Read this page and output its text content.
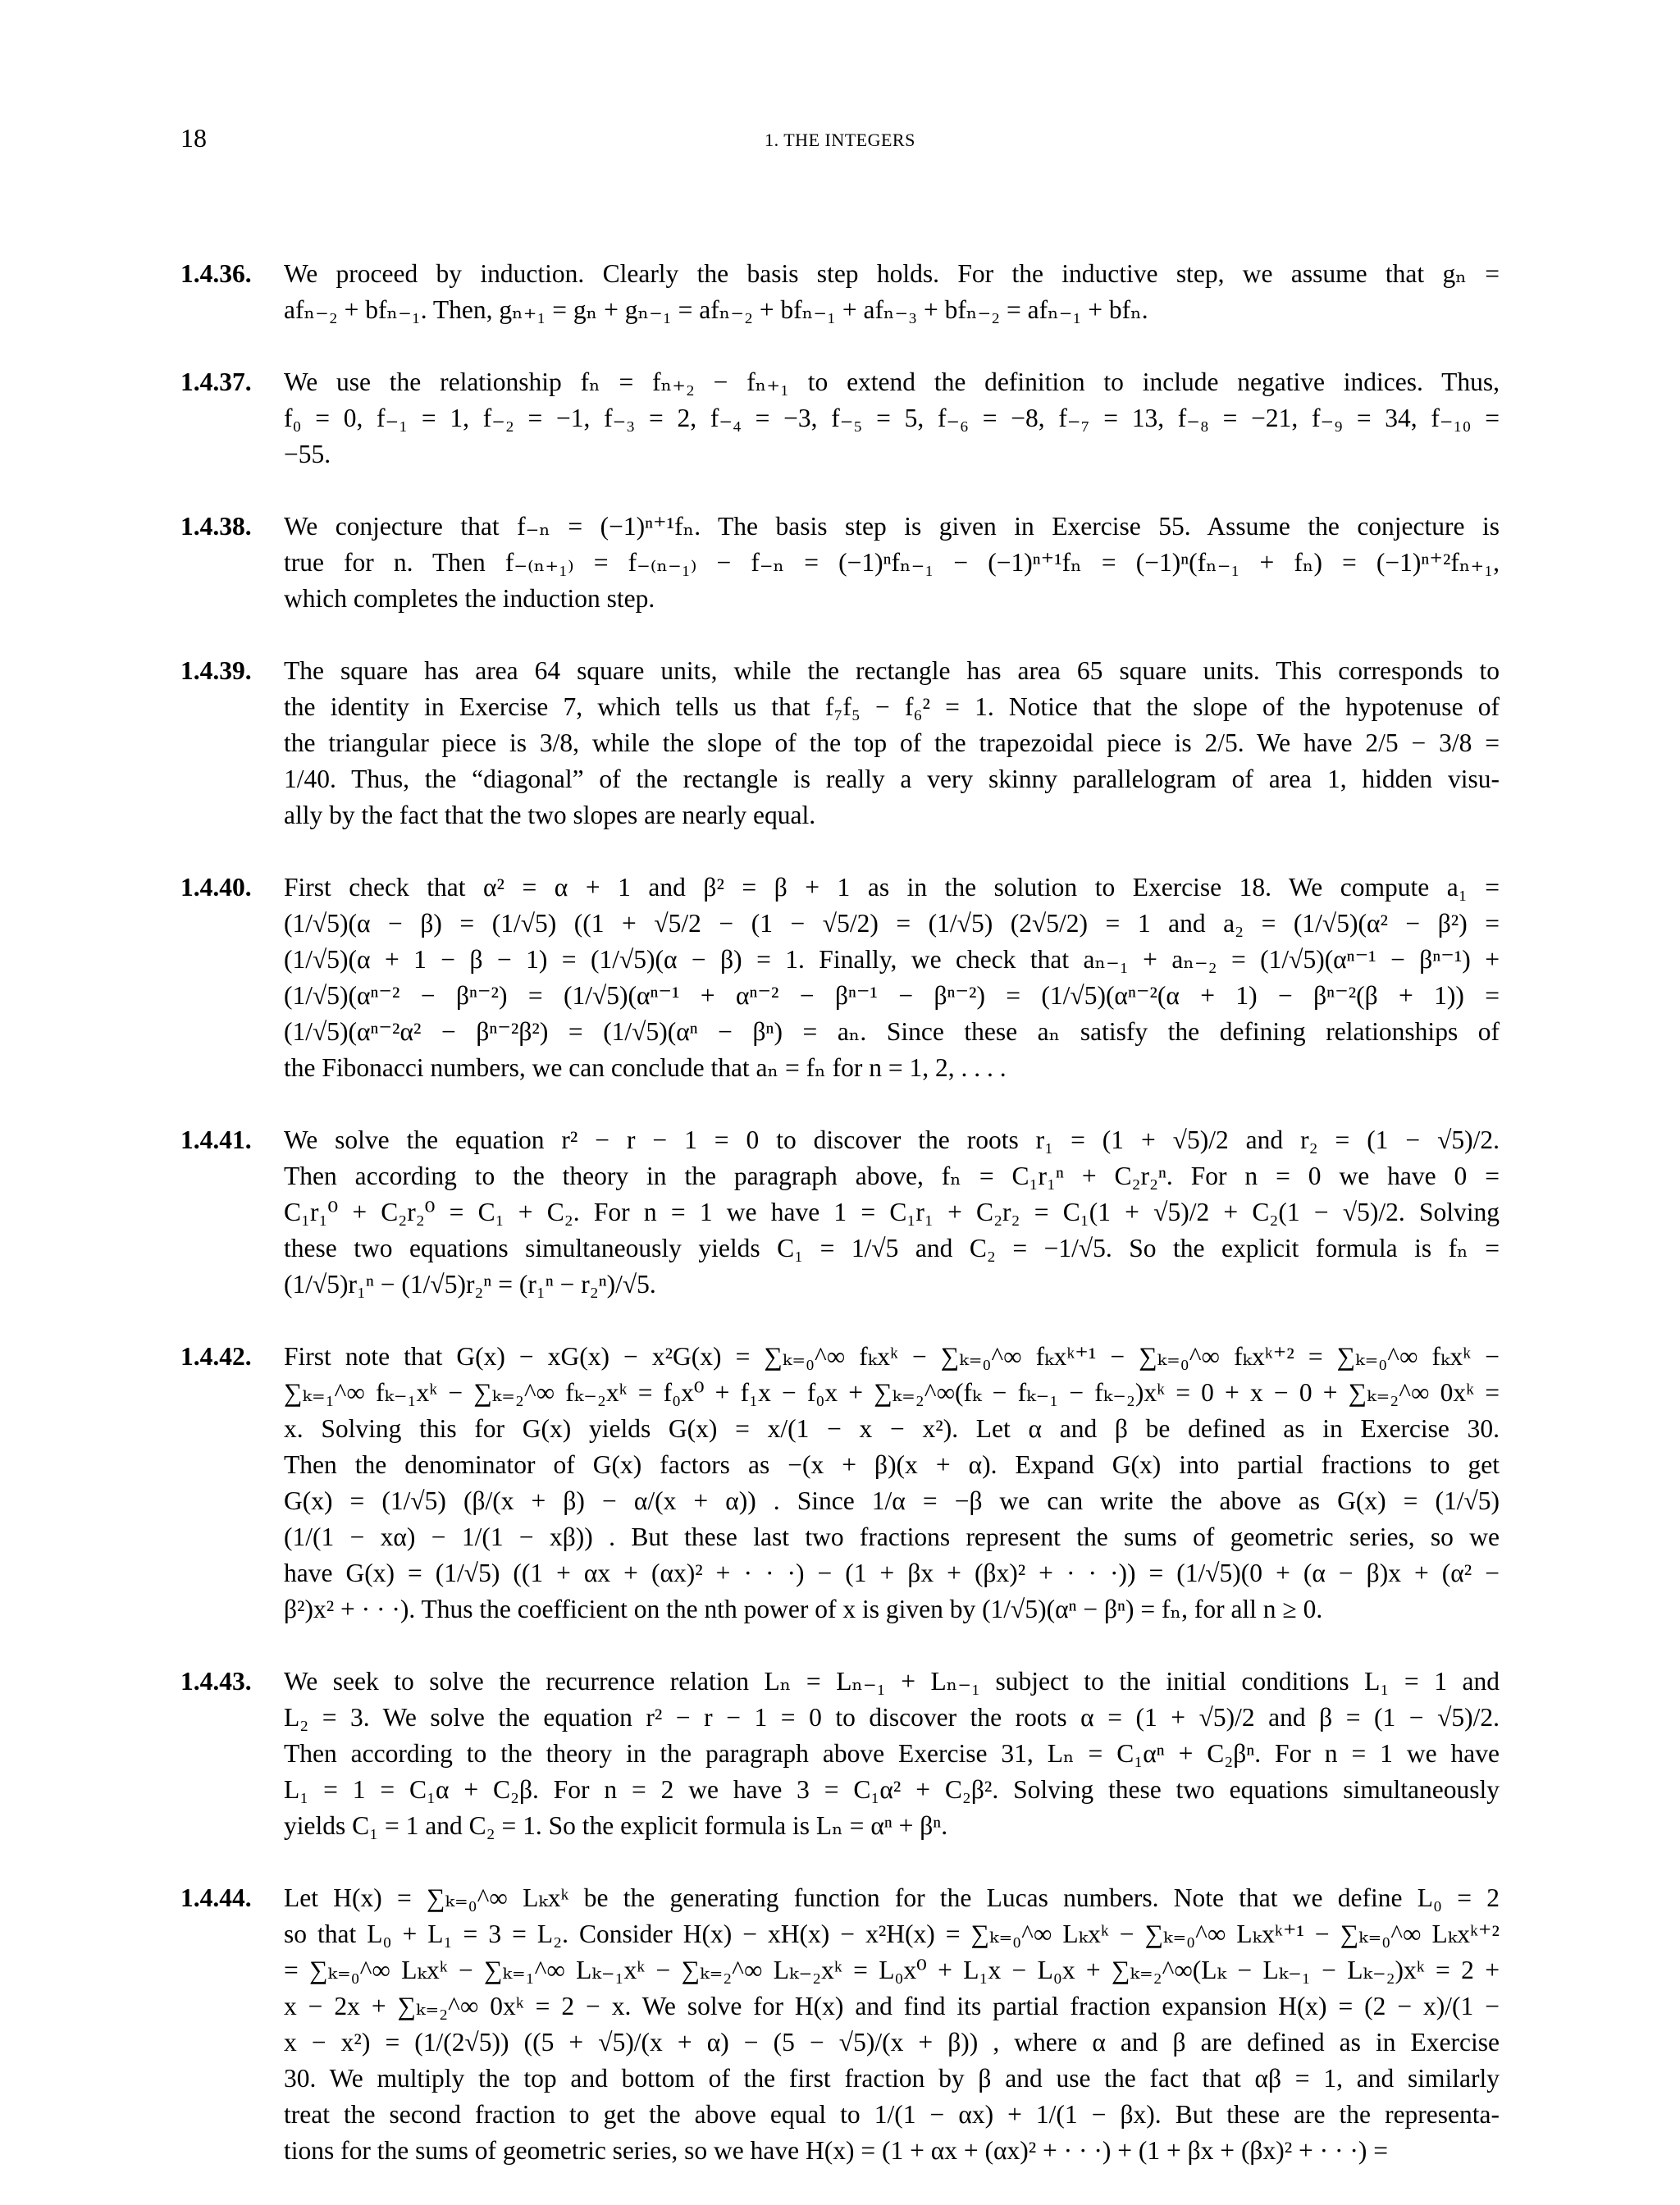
18	1. THE INTEGERS
1.4.36.	We proceed by induction. Clearly the basis step holds. For the inductive step, we assume that gₙ =
afₙ₋₂ + bfₙ₋₁. Then, gₙ₊₁ = gₙ + gₙ₋₁ = afₙ₋₂ + bfₙ₋₁ + afₙ₋₃ + bfₙ₋₂ = afₙ₋₁ + bfₙ.
1.4.37.	We use the relationship fₙ = fₙ₊₂ − fₙ₊₁ to extend the definition to include negative indices. Thus,
f₀ = 0, f₋₁ = 1, f₋₂ = −1, f₋₃ = 2, f₋₄ = −3, f₋₅ = 5, f₋₆ = −8, f₋₇ = 13, f₋₈ = −21, f₋₉ = 34, f₋₁₀ =
−55.
1.4.38.	We conjecture that f₋ₙ = (−1)ⁿ⁺¹fₙ. The basis step is given in Exercise 55. Assume the conjecture is
true for n. Then f₋₍ₙ₊₁₎ = f₋₍ₙ₋₁₎ − f₋ₙ = (−1)ⁿfₙ₋₁ − (−1)ⁿ⁺¹fₙ = (−1)ⁿ(fₙ₋₁ + fₙ) = (−1)ⁿ⁺²fₙ₊₁,
which completes the induction step.
1.4.39.	The square has area 64 square units, while the rectangle has area 65 square units. This corresponds to
the identity in Exercise 7, which tells us that f₇f₅ − f₆² = 1. Notice that the slope of the hypotenuse of
the triangular piece is 3/8, while the slope of the top of the trapezoidal piece is 2/5. We have 2/5 − 3/8 =
1/40. Thus, the “diagonal” of the rectangle is really a very skinny parallelogram of area 1, hidden visu-
ally by the fact that the two slopes are nearly equal.
1.4.40.	First check that α² = α + 1 and β² = β + 1 as in the solution to Exercise 18. We compute a₁ =
(1/√5)(α − β) = (1/√5) ((1 + √5/2 − (1 − √5/2) = (1/√5) (2√5/2) = 1 and a₂ = (1/√5)(α² − β²) =
(1/√5)(α + 1 − β − 1) = (1/√5)(α − β) = 1. Finally, we check that aₙ₋₁ + aₙ₋₂ = (1/√5)(αⁿ⁻¹ − βⁿ⁻¹) +
(1/√5)(αⁿ⁻² − βⁿ⁻²) = (1/√5)(αⁿ⁻¹ + αⁿ⁻² − βⁿ⁻¹ − βⁿ⁻²) = (1/√5)(αⁿ⁻²(α + 1) − βⁿ⁻²(β + 1)) =
(1/√5)(αⁿ⁻²α² − βⁿ⁻²β²) = (1/√5)(αⁿ − βⁿ) = aₙ. Since these aₙ satisfy the defining relationships of
the Fibonacci numbers, we can conclude that aₙ = fₙ for n = 1, 2, . . . .
1.4.41.	We solve the equation r² − r − 1 = 0 to discover the roots r₁ = (1 + √5)/2 and r₂ = (1 − √5)/2.
Then according to the theory in the paragraph above, fₙ = C₁r₁ⁿ + C₂r₂ⁿ. For n = 0 we have 0 =
C₁r₁⁰ + C₂r₂⁰ = C₁ + C₂. For n = 1 we have 1 = C₁r₁ + C₂r₂ = C₁(1 + √5)/2 + C₂(1 − √5)/2. Solving
these two equations simultaneously yields C₁ = 1/√5 and C₂ = −1/√5. So the explicit formula is fₙ =
(1/√5)r₁ⁿ − (1/√5)r₂ⁿ = (r₁ⁿ − r₂ⁿ)/√5.
1.4.42.	First note that G(x) − xG(x) − x²G(x) = ∑ₖ₌₀^∞ fₖxᵏ − ∑ₖ₌₀^∞ fₖxᵏ⁺¹ − ∑ₖ₌₀^∞ fₖxᵏ⁺² = ∑ₖ₌₀^∞ fₖxᵏ −
∑ₖ₌₁^∞ fₖ₋₁xᵏ − ∑ₖ₌₂^∞ fₖ₋₂xᵏ = f₀x⁰ + f₁x − f₀x + ∑ₖ₌₂^∞(fₖ − fₖ₋₁ − fₖ₋₂)xᵏ = 0 + x − 0 + ∑ₖ₌₂^∞ 0xᵏ =
x. Solving this for G(x) yields G(x) = x/(1 − x − x²). Let α and β be defined as in Exercise 30.
Then the denominator of G(x) factors as −(x + β)(x + α). Expand G(x) into partial fractions to get
G(x) = (1/√5) (β/(x + β) − α/(x + α)) . Since 1/α = −β we can write the above as G(x) = (1/√5)
(1/(1 − xα) − 1/(1 − xβ)) . But these last two fractions represent the sums of geometric series, so we
have G(x) = (1/√5) ((1 + αx + (αx)² + · · ·) − (1 + βx + (βx)² + · · ·)) = (1/√5)(0 + (α − β)x + (α² −
β²)x² + · · ·). Thus the coefficient on the nth power of x is given by (1/√5)(αⁿ − βⁿ) = fₙ, for all n ≥ 0.
1.4.43.	We seek to solve the recurrence relation Lₙ = Lₙ₋₁ + Lₙ₋₁ subject to the initial conditions L₁ = 1 and
L₂ = 3. We solve the equation r² − r − 1 = 0 to discover the roots α = (1 + √5)/2 and β = (1 − √5)/2.
Then according to the theory in the paragraph above Exercise 31, Lₙ = C₁αⁿ + C₂βⁿ. For n = 1 we have
L₁ = 1 = C₁α + C₂β. For n = 2 we have 3 = C₁α² + C₂β². Solving these two equations simultaneously
yields C₁ = 1 and C₂ = 1. So the explicit formula is Lₙ = αⁿ + βⁿ.
1.4.44.	Let H(x) = ∑ₖ₌₀^∞ Lₖxᵏ be the generating function for the Lucas numbers. Note that we define L₀ = 2
so that L₀ + L₁ = 3 = L₂. Consider H(x) − xH(x) − x²H(x) = ∑ₖ₌₀^∞ Lₖxᵏ − ∑ₖ₌₀^∞ Lₖxᵏ⁺¹ − ∑ₖ₌₀^∞ Lₖxᵏ⁺²
= ∑ₖ₌₀^∞ Lₖxᵏ − ∑ₖ₌₁^∞ Lₖ₋₁xᵏ − ∑ₖ₌₂^∞ Lₖ₋₂xᵏ = L₀x⁰ + L₁x − L₀x + ∑ₖ₌₂^∞(Lₖ − Lₖ₋₁ − Lₖ₋₂)xᵏ = 2 +
x − 2x + ∑ₖ₌₂^∞ 0xᵏ = 2 − x. We solve for H(x) and find its partial fraction expansion H(x) = (2 − x)/(1 −
x − x²) = (1/(2√5)) ((5 + √5)/(x + α) − (5 − √5)/(x + β)) , where α and β are defined as in Exercise
30. We multiply the top and bottom of the first fraction by β and use the fact that αβ = 1, and similarly
treat the second fraction to get the above equal to 1/(1 − αx) + 1/(1 − βx). But these are the representa-
tions for the sums of geometric series, so we have H(x) = (1 + αx + (αx)² + · · ·) + (1 + βx + (βx)² + · · ·) =
